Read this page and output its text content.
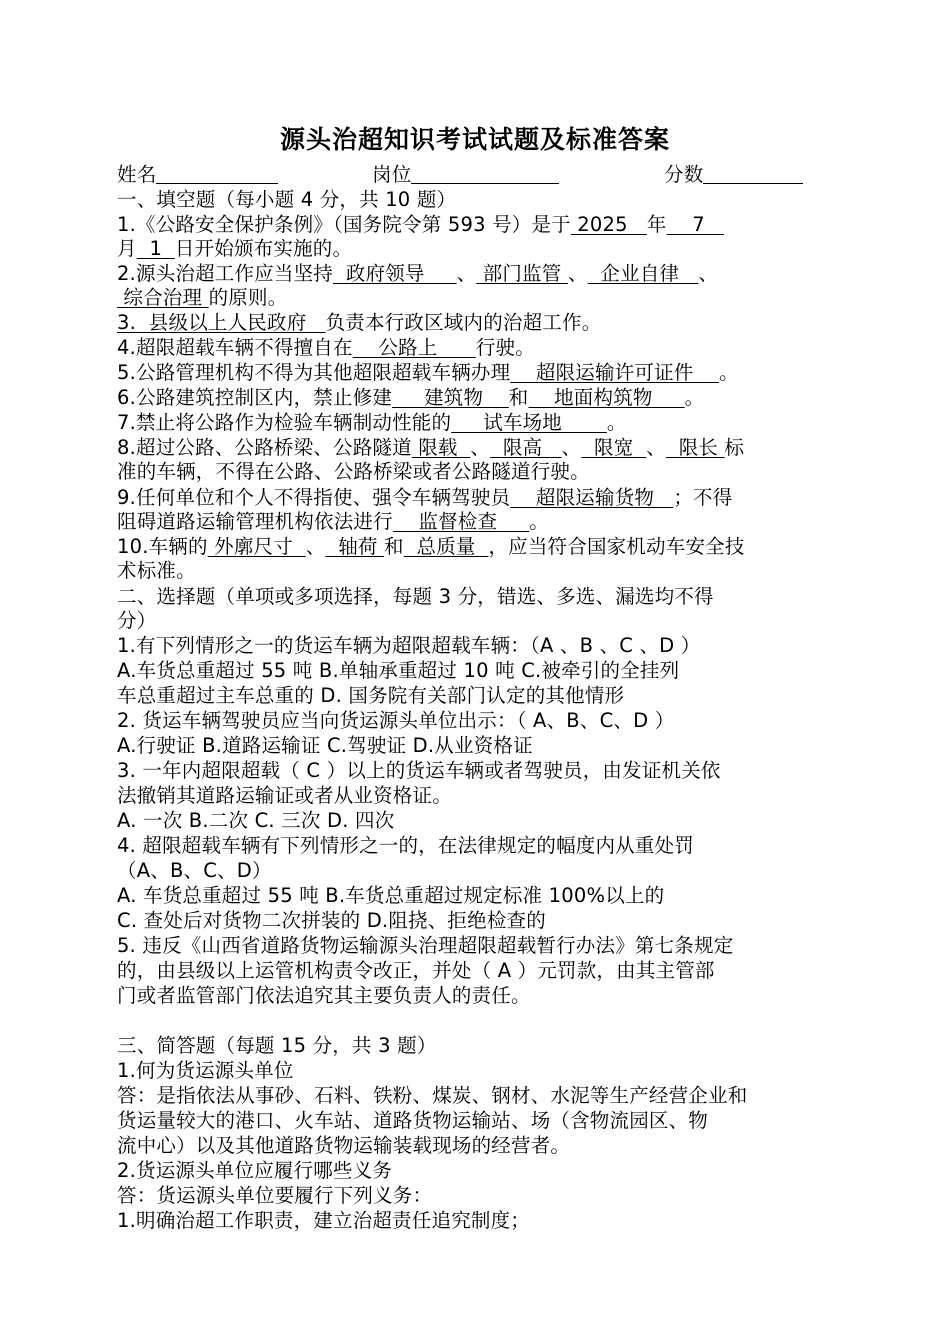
源头治超知识考试试题及标准答案
姓名	岗位	分数
一、填空题（每小题 4 分，共 10 题）
1.《公路安全保护条例》（国务院令第 593 号）是于 2025   年    7
月  1  日开始颁布实施的。
2.源头治超工作应当坚持  政府领导     、 部门监管 、  企业自律   、
综合治理 的原则。
3.  县级以上人民政府   负责本行政区域内的治超工作。
4.超限超载车辆不得擅自在    公路上      行驶。
5.公路管理机构不得为其他超限超载车辆办理    超限运输许可证件    。
6.公路建筑控制区内，禁止修建     建筑物    和    地面构筑物     。
7.禁止将公路作为检验车辆制动性能的     试车场地       。
8.超过公路、公路桥梁、公路隧道 限载  、  限高   、  限宽  、  限长 标
准的车辆，不得在公路、公路桥梁或者公路隧道行驶。
9.任何单位和个人不得指使、强令车辆驾驶员    超限运输货物   ；不得
阻碍道路运输管理机构依法进行    监督检查     。
10.车辆的 外廓尺寸  、  轴荷 和  总质量  ，应当符合国家机动车安全技
术标准。
二、选择题（单项或多项选择，每题 3 分，错选、多选、漏选均不得
分）
1.有下列情形之一的货运车辆为超限超载车辆：（A 、B 、C 、D ）
A.车货总重超过 55 吨 B.单轴承重超过 10 吨 C.被牵引的全挂列
车总重超过主车总重的 D. 国务院有关部门认定的其他情形
2. 货运车辆驾驶员应当向货运源头单位出示：（ A、B、C、D ）
A.行驶证 B.道路运输证 C.驾驶证 D.从业资格证
3. 一年内超限超载（ C ）以上的货运车辆或者驾驶员，由发证机关依
法撤销其道路运输证或者从业资格证。
A. 一次 B.二次 C. 三次 D. 四次
4. 超限超载车辆有下列情形之一的，在法律规定的幅度内从重处罚
（A、B、C、D）
A. 车货总重超过 55 吨 B.车货总重超过规定标准 100%以上的
C. 查处后对货物二次拼装的 D.阻挠、拒绝检查的
5. 违反《山西省道路货物运输源头治理超限超载暂行办法》第七条规定
的，由县级以上运管机构责令改正，并处（ A ）元罚款，由其主管部
门或者监管部门依法追究其主要负责人的责任。
三、简答题（每题 15 分，共 3 题）
1.何为货运源头单位
答：是指依法从事砂、石料、铁粉、煤炭、钢材、水泥等生产经营企业和
货运量较大的港口、火车站、道路货物运输站、场（含物流园区、物
流中心）以及其他道路货物运输装载现场的经营者。
2.货运源头单位应履行哪些义务
答：货运源头单位要履行下列义务：
1.明确治超工作职责，建立治超责任追究制度；
